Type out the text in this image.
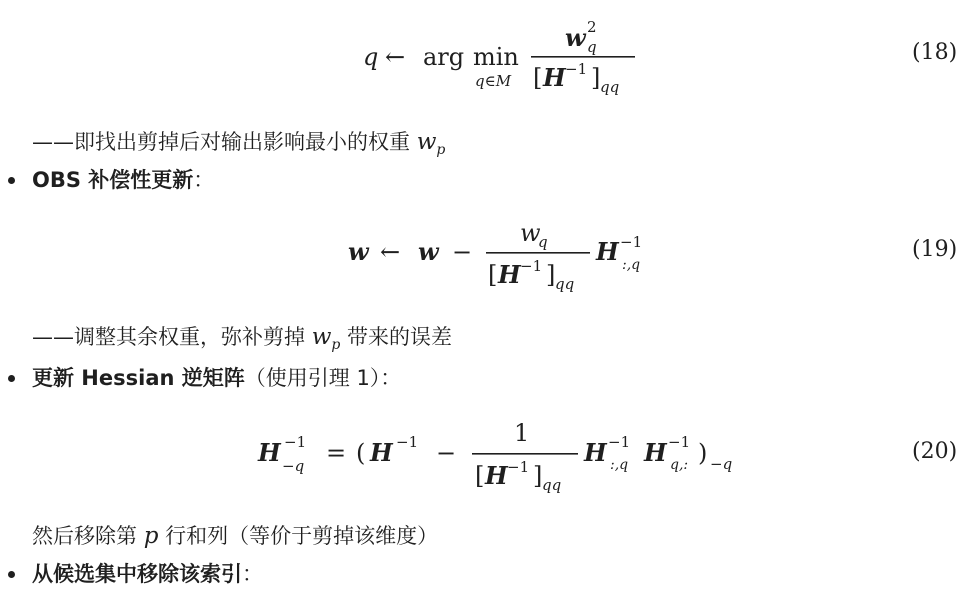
q ← arg min
q∈M
w 2
q
[ H −1 ] qq
(18)
——即找出剪掉后对输出影响最小的权重 $w_p$
OBS 补偿性更新：
w ← w −
w
q
[ H −1 ] qq
H −1
:,q
(19)
——调整其余权重，弥补剪掉 $w_p$ 带来的误差
更新 Hessian 逆矩阵（使用引理 1）：
H −1
−q = ( H −1 −
1
[ H −1 ] qq
H −1
:,q H −1
q,: ) −q	(20)
然后移除第 p 行和列（等价于剪掉该维度）
从候选集中移除该索引：
